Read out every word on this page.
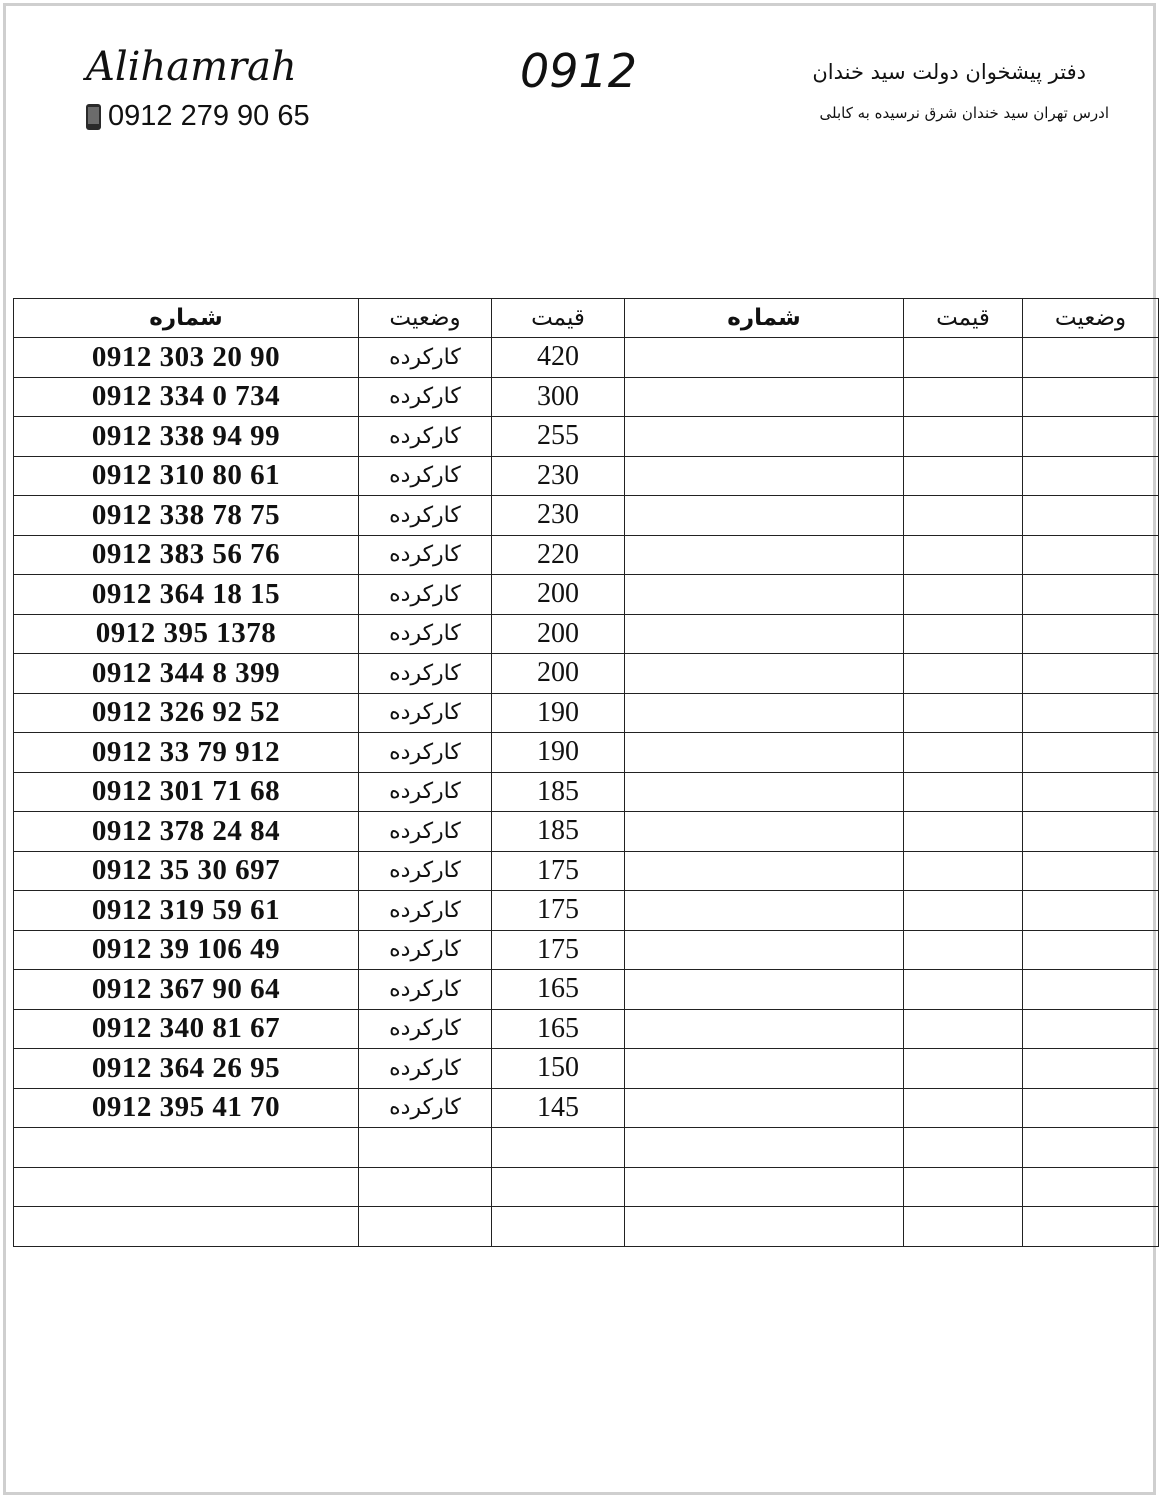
Alihamrah
0912 279 90 65
0912	دفتر پیشخوان دولت سید خندان
ادرس تهران سید خندان شرق نرسیده به کابلی
شماره	وضعیت	قیمت	شماره	قیمت	وضعیت
0912 303 20 90	کارکرده	420			
0912 334 0 734	کارکرده	300			
0912 338 94 99	کارکرده	255			
0912 310 80 61	کارکرده	230			
0912 338 78 75	کارکرده	230			
0912 383 56 76	کارکرده	220			
0912 364 18 15	کارکرده	200			
0912 395 1378	کارکرده	200			
0912 344 8 399	کارکرده	200			
0912 326 92 52	کارکرده	190			
0912 33 79 912	کارکرده	190			
0912 301 71 68	کارکرده	185			
0912 378 24 84	کارکرده	185			
0912 35 30 697	کارکرده	175			
0912 319 59 61	کارکرده	175			
0912 39 106 49	کارکرده	175			
0912 367 90 64	کارکرده	165			
0912 340 81 67	کارکرده	165			
0912 364 26 95	کارکرده	150			
0912 395 41 70	کارکرده	145			
